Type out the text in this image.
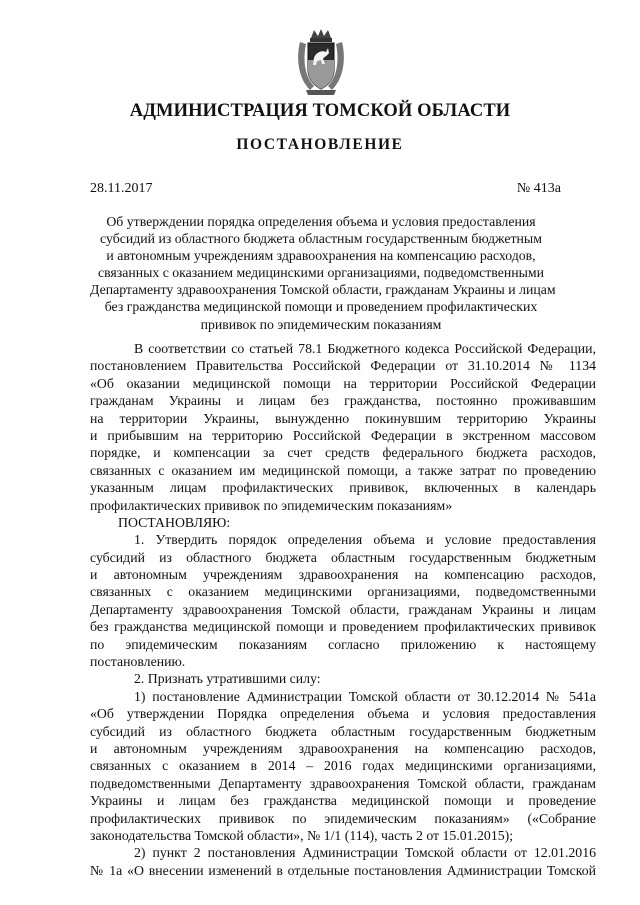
АДМИНИСТРАЦИЯ ТОМСКОЙ ОБЛАСТИ
ПОСТАНОВЛЕНИЕ
28.11.2017	№ 413а
Об утверждении порядка определения объема и условия предоставления
субсидий из областного бюджета областным государственным бюджетным
и автономным учреждениям здравоохранения на компенсацию расходов,
связанных с оказанием медицинскими организациями, подведомственными
Департаменту здравоохранения Томской области, гражданам Украины и лицам
без гражданства медицинской помощи и проведением профилактических
прививок по эпидемическим показаниям
В соответствии со статьей 78.1 Бюджетного кодекса Российской Федерации,
постановлением Правительства Российской Федерации от 31.10.2014 № 1134
«Об оказании медицинской помощи на территории Российской Федерации
гражданам Украины и лицам без гражданства, постоянно проживавшим
на территории Украины, вынужденно покинувшим территорию Украины
и прибывшим на территорию Российской Федерации в экстренном массовом
порядке, и компенсации за счет средств федерального бюджета расходов,
связанных с оказанием им медицинской помощи, а также затрат по проведению
указанным лицам профилактических прививок, включенных в календарь
профилактических прививок по эпидемическим показаниям»
ПОСТАНОВЛЯЮ:
1. Утвердить порядок определения объема и условие предоставления
субсидий из областного бюджета областным государственным бюджетным
и автономным учреждениям здравоохранения на компенсацию расходов,
связанных с оказанием медицинскими организациями, подведомственными
Департаменту здравоохранения Томской области, гражданам Украины и лицам
без гражданства медицинской помощи и проведением профилактических прививок
по эпидемическим показаниям согласно приложению к настоящему
постановлению.
2. Признать утратившими силу:
1) постановление Администрации Томской области от 30.12.2014 № 541а
«Об утверждении Порядка определения объема и условия предоставления
субсидий из областного бюджета областным государственным бюджетным
и автономным учреждениям здравоохранения на компенсацию расходов,
связанных с оказанием в 2014 – 2016 годах медицинскими организациями,
подведомственными Департаменту здравоохранения Томской области, гражданам
Украины и лицам без гражданства медицинской помощи и проведение
профилактических прививок по эпидемическим показаниям» («Собрание
законодательства Томской области», № 1/1 (114), часть 2 от 15.01.2015);
2) пункт 2 постановления Администрации Томской области от 12.01.2016
№ 1а «О внесении изменений в отдельные постановления Администрации Томской
